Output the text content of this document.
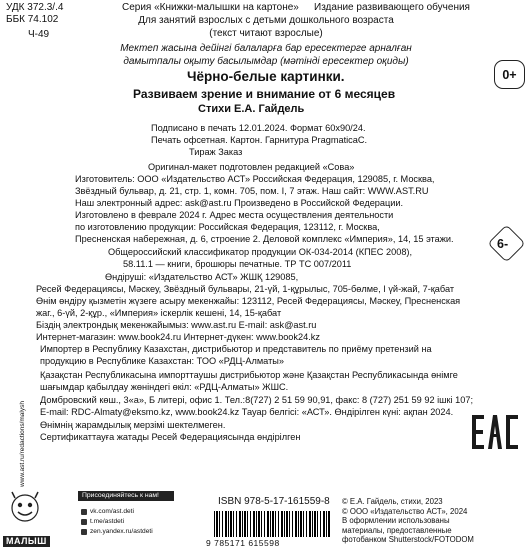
УДК 372.3/.4
ББК 74.102
Ч-49
Серия «Книжки-малышки на картоне» Издание развивающего обучения
Для занятий взрослых с детьми дошкольного возраста
(текст читают взрослые)
Мектеп жасына дейінгі балаларға бар ересектерге арналған
дамытпалы оқыту басылымдар (мәтіндi ересектер оқиды)
0+
Чёрно-белые картинки.
Развиваем зрение и внимание от 6 месяцев
Стихи Е.А. Гайдель
Подписано в печать 12.01.2024. Формат 60x90/24.
Печать офсетная. Картон. Гарнитура PragmaticaC.
Тираж Заказ
Оригинал-макет подготовлен редакцией «Сова»
Изготовитель: ООО «Издательство АСТ» Российская Федерация, 129085, г. Москва,
Звёздный бульвар, д. 21, стр. 1, комн. 705, пом. I, 7 этаж. Наш сайт: WWW.AST.RU
Наш электронный адрес: ask@ast.ru Произведено в Российской Федерации.
Изготовлено в феврале 2024 г. Адрес места осуществления деятельности
по изготовлению продукции: Российская Федерация, 123112, г. Москва,
Пресненская набережная, д. 6, строение 2. Деловой комплекс «Империя», 14, 15 этажи.
Общероссийский классификатор продукции ОК-034-2014 (КПЕС 2008),
58.11.1 — книги, брошюры печатные. ТР ТС 007/2011
6-
Өндіруші: «Издательство АСТ» ЖШҚ 129085,
Ресей Федерациясы, Мәскеу, Звёздный бульвары, 21-үй, 1-құрылыс, 705-бөлме, I үй-жай, 7-қабат
Өнім өндіру қызметін жүзеге асыру мекенжайы: 123112, Ресей Федерациясы, Мәскеу, Пресненская
жаг., 6-үй, 2-құр., «Империя» іскерлік кешені, 14, 15-қабат
Біздің электрондық мекенжайымыз: www.ast.ru E-mail: ask@ast.ru
Интернет-магазин: www.book24.ru Интернет-дүкен: www.book24.kz
Импортер в Республику Казахстан, дистрибьютор и представитель по приёму претензий на
продукцию в Республике Казахстан: ТОО «РДЦ-Алматы»
Қазақстан Республикасына импорттаушы дистрибьютор және Қазақстан Республикасында өнімге
шағымдар қабылдау жөніндегі өкіл: «РДЦ-Алматы» ЖШС.
Домбровский көш., 3«а», Б литері, офис 1. Тел.:8(727) 2 51 59 90,91, факс: 8 (727) 251 59 92 ішкі 107;
E-mail: RDC-Almaty@eksmo.kz, www.book24.kz Тауар белгісі: «АСТ». Өндірілген күні: ақпан 2024.
Өнімнің жарамдылық мерзімі шектелмеген.
Сертификаттауға жатады Ресей Федерациясында өндірілген
МАЛЫШ
www.ast.ru/redactions/malysh
Присоединяйтесь к нам!
vk.com/ast.deti
t.me/astdeti
zen.yandex.ru/astdeti
ISBN 978-5-17-161559-8
9 785171 615598
© Е.А. Гайдель, стихи, 2023
© ООО «Издательство АСТ», 2024
В оформлении использованы
материалы, предоставленные
фотобанком Shutterstock/FOTODOM
